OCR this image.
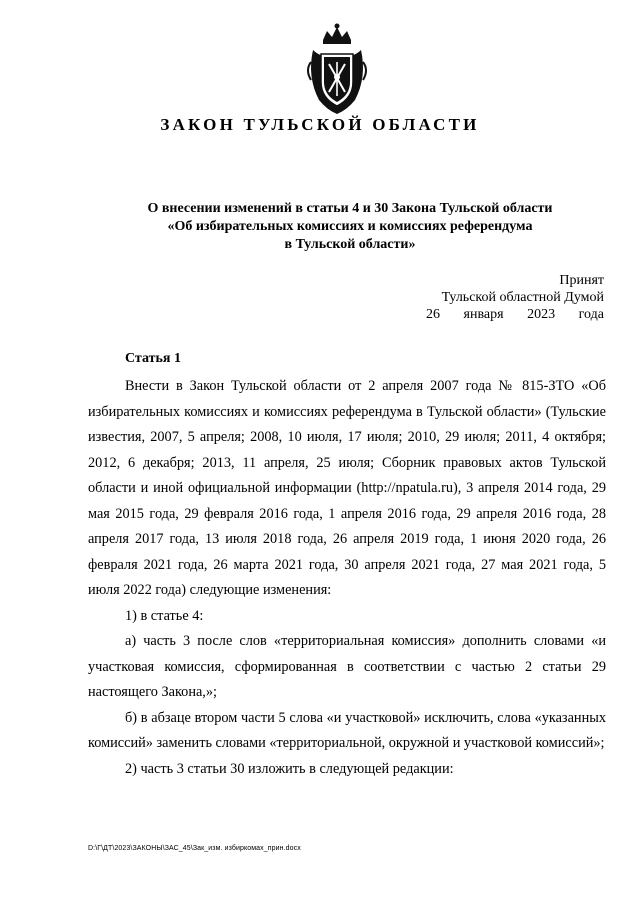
ЗАКОН ТУЛЬСКОЙ ОБЛАСТИ
О внесении изменений в статьи 4 и 30 Закона Тульской области
«Об избирательных комиссиях и комиссиях референдума
в Тульской области»
Принят
Тульской областной Думой
26 января 2023 года
Статья 1

Внести в Закон Тульской области от 2 апреля 2007 года № 815-ЗТО «Об избирательных комиссиях и комиссиях референдума в Тульской области» (Тульские известия, 2007, 5 апреля; 2008, 10 июля, 17 июля; 2010, 29 июля; 2011, 4 октября; 2012, 6 декабря; 2013, 11 апреля, 25 июля; Сборник правовых актов Тульской области и иной официальной информации (http://npatula.ru), 3 апреля 2014 года, 29 мая 2015 года, 29 февраля 2016 года, 1 апреля 2016 года, 29 апреля 2016 года, 28 апреля 2017 года, 13 июля 2018 года, 26 апреля 2019 года, 1 июня 2020 года, 26 февраля 2021 года, 26 марта 2021 года, 30 апреля 2021 года, 27 мая 2021 года, 5 июля 2022 года) следующие изменения:

1) в статье 4:

а) часть 3 после слов «территориальная комиссия» дополнить словами «и участковая комиссия, сформированная в соответствии с частью 2 статьи 29 настоящего Закона,»;

б) в абзаце втором части 5 слова «и участковой» исключить, слова «указанных комиссий» заменить словами «территориальной, окружной и участковой комиссий»;

2) часть 3 статьи 30 изложить в следующей редакции:

D:\Г\ДТ\2023\ЗАКОНЫ\ЗАС_45\Зак_изм. избиркомах_прин.docx
